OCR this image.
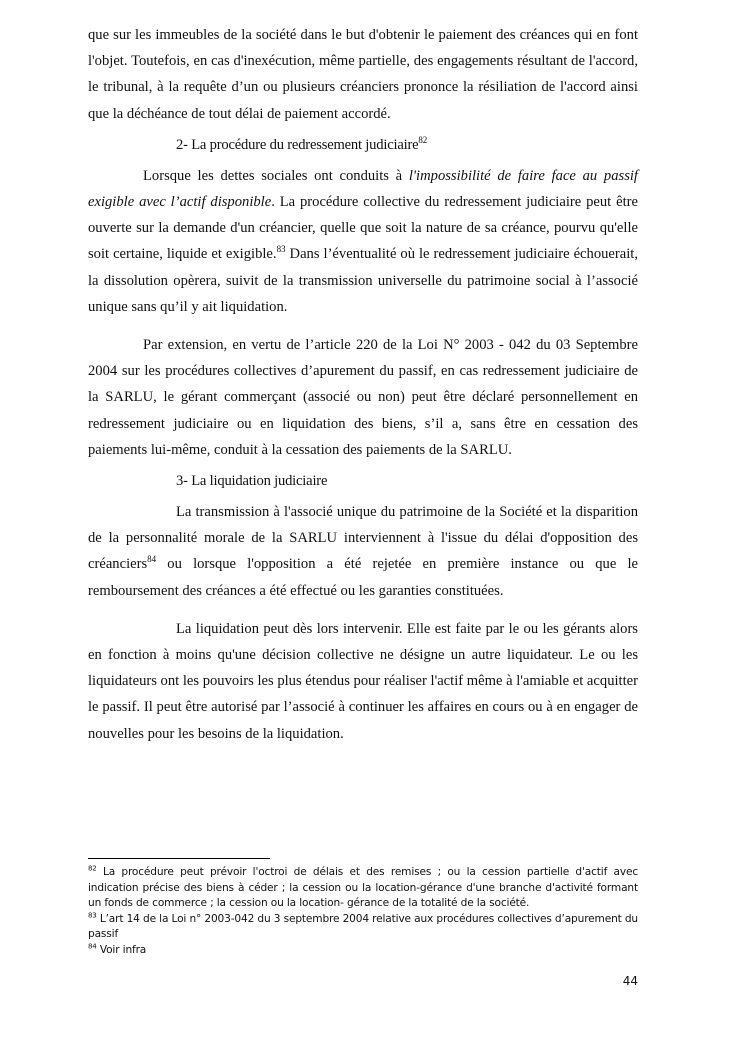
que sur les immeubles de la société dans le but d'obtenir le paiement des créances qui en font l'objet. Toutefois, en cas d'inexécution, même partielle, des engagements résultant de l'accord, le tribunal, à la requête d’un ou plusieurs créanciers prononce la résiliation de l'accord ainsi que la déchéance de tout délai de paiement accordé.

2- La procédure du redressement judiciaire$^{82}$

Lorsque les dettes sociales ont conduits à l'impossibilité de faire face au passif exigible avec l’actif disponible. La procédure collective du redressement judiciaire peut être ouverte sur la demande d'un créancier, quelle que soit la nature de sa créance, pourvu qu'elle soit certaine, liquide et exigible.$^{83}$ Dans l’éventualité où le redressement judiciaire échouerait, la dissolution opèrera, suivit de la transmission universelle du patrimoine social à l’associé unique sans qu’il y ait liquidation.

Par extension, en vertu de l’article 220 de la Loi N° 2003 - 042 du 03 Septembre 2004 sur les procédures collectives d’apurement du passif, en cas redressement judiciaire de la SARLU, le gérant commerçant (associé ou non) peut être déclaré personnellement en redressement judiciaire ou en liquidation des biens, s’il a, sans être en cessation des paiements lui-même, conduit à la cessation des paiements de la SARLU.

3- La liquidation judiciaire

La transmission à l'associé unique du patrimoine de la Société et la disparition de la personnalité morale de la SARLU interviennent à l'issue du délai d'opposition des créanciers$^{84}$ ou lorsque l'opposition a été rejetée en première instance ou que le remboursement des créances a été effectué ou les garanties constituées.

La liquidation peut dès lors intervenir. Elle est faite par le ou les gérants alors en fonction à moins qu'une décision collective ne désigne un autre liquidateur. Le ou les liquidateurs ont les pouvoirs les plus étendus pour réaliser l'actif même à l'amiable et acquitter le passif. Il peut être autorisé par l’associé à continuer les affaires en cours ou à en engager de nouvelles pour les besoins de la liquidation.

$^{82}$ La procédure peut prévoir l'octroi de délais et des remises ; ou la cession partielle d'actif avec indication précise des biens à céder ; la cession ou la location-gérance d'une branche d'activité formant un fonds de commerce ; la cession ou la location- gérance de la totalité de la société.

$^{83}$ L’art 14 de la Loi n° 2003-042 du 3 septembre 2004 relative aux procédures collectives d’apurement du passif

$^{84}$ Voir infra

44
